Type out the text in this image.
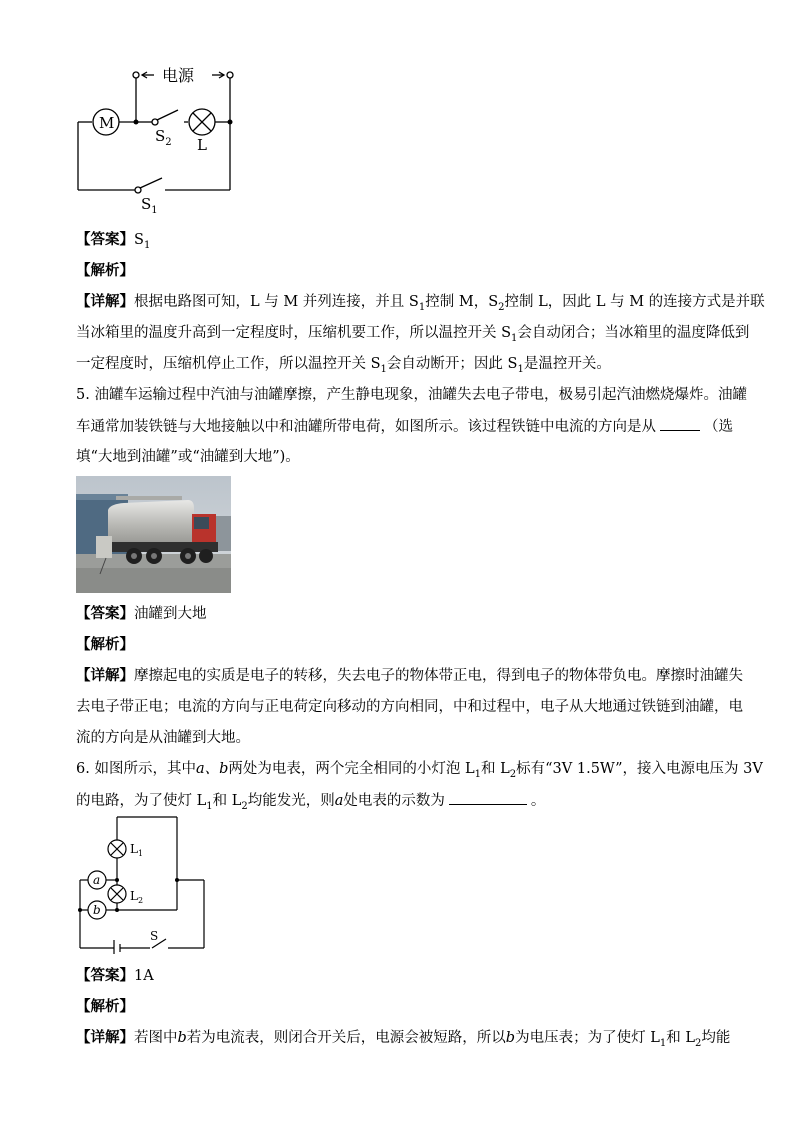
电源
M
$S_2$ L
$S_1$
【答案】$S_1$
【解析】
【详解】根据电路图可知，L 与 M 并列连接，并且 $S_1$控制 M，$S_2$控制 L，因此 L 与 M 的连接方式是并联
当冰箱里的温度升高到一定程度时，压缩机要工作，所以温控开关 $S_1$会自动闭合；当冰箱里的温度降低到
一定程度时，压缩机停止工作，所以温控开关 $S_1$会自动断开；因此 $S_1$是温控开关。
5. 油罐车运输过程中汽油与油罐摩擦，产生静电现象，油罐失去电子带电，极易引起汽油燃烧爆炸。油罐
车通常加装铁链与大地接触以中和油罐所带电荷，如图所示。该过程铁链中电流的方向是从	（选
填“大地到油罐”或“油罐到大地”)。
【答案】油罐到大地
【解析】
【详解】摩擦起电的实质是电子的转移，失去电子的物体带正电，得到电子的物体带负电。摩擦时油罐失
去电子带正电；电流的方向与正电荷定向移动的方向相同，中和过程中，电子从大地通过铁链到油罐，电
流的方向是从油罐到大地。
6. 如图所示，其中a、b两处为电表，两个完全相同的小灯泡 $L_1$和 $L_2$标有“3V 1.5W”，接入电源电压为 3V
的电路，为了使灯 $L_1$和 $L_2$均能发光，则a处电表的示数为	。
$L_1$
$L_2$
a
b
S
【答案】1A
【解析】
【详解】若图中b若为电流表，则闭合开关后，电源会被短路，所以b为电压表；为了使灯 $L_1$和 $L_2$均能
